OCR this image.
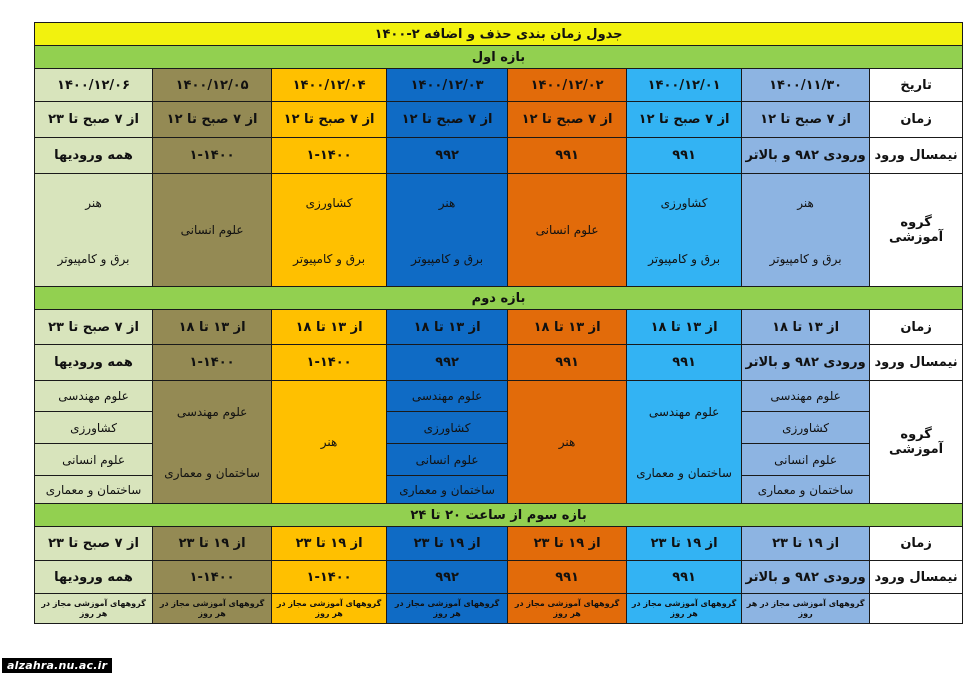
جدول زمان بندی حذف و اضافه ۲-۱۴۰۰							
بازه اول							
تاریخ	۱۴۰۰/۱۱/۳۰	۱۴۰۰/۱۲/۰۱	۱۴۰۰/۱۲/۰۲	۱۴۰۰/۱۲/۰۳	۱۴۰۰/۱۲/۰۴	۱۴۰۰/۱۲/۰۵	۱۴۰۰/۱۲/۰۶
زمان	از ۷ صبح تا ۱۲	از ۷ صبح تا ۱۲	از ۷ صبح تا ۱۲	از ۷ صبح تا ۱۲	از ۷ صبح تا ۱۲	از ۷ صبح تا ۱۲	از ۷ صبح تا ۲۳
نیمسال ورود	ورودی ۹۸۲ و بالاتر	۹۹۱	۹۹۱	۹۹۲	۱-۱۴۰۰	۱-۱۴۰۰	همه ورودیها
گروه آموزشی	هنر	کشاورزی	علوم انسانی	هنر	کشاورزی	علوم انسانی	هنر
	برق و کامپیوتر	برق و کامپیوتر		برق و کامپیوتر	برق و کامپیوتر		برق و کامپیوتر
بازه دوم							
زمان	از ۱۳ تا ۱۸	از ۱۳ تا ۱۸	از ۱۳ تا ۱۸	از ۱۳ تا ۱۸	از ۱۳ تا ۱۸	از ۱۳ تا ۱۸	از ۷ صبح تا ۲۳
نیمسال ورود	ورودی ۹۸۲ و بالاتر	۹۹۱	۹۹۱	۹۹۲	۱-۱۴۰۰	۱-۱۴۰۰	همه ورودیها
گروه آموزشی	علوم مهندسی	علوم مهندسی	هنر	علوم مهندسی	هنر	علوم مهندسی	علوم مهندسی
	کشاورزی			کشاورزی			کشاورزی
	علوم انسانی	ساختمان و معماری		علوم انسانی		ساختمان و معماری	علوم انسانی
	ساختمان و معماری			ساختمان و معماری			ساختمان و معماری
بازه سوم از ساعت ۲۰ تا ۲۴							
زمان	از ۱۹ تا ۲۳	از ۱۹ تا ۲۳	از ۱۹ تا ۲۳	از ۱۹ تا ۲۳	از ۱۹ تا ۲۳	از ۱۹ تا ۲۳	از ۷ صبح تا ۲۳
نیمسال ورود	ورودی ۹۸۲ و بالاتر	۹۹۱	۹۹۱	۹۹۲	۱-۱۴۰۰	۱-۱۴۰۰	همه ورودیها
	گروههای آموزشی مجاز در هر روز	گروههای آموزشی مجاز در هر روز	گروههای آموزشی مجاز در هر روز	گروههای آموزشی مجاز در هر روز	گروههای آموزشی مجاز در هر روز	گروههای آموزشی مجاز در هر روز	گروههای آموزشی مجاز در هر روز
alzahra.nu.ac.ir
